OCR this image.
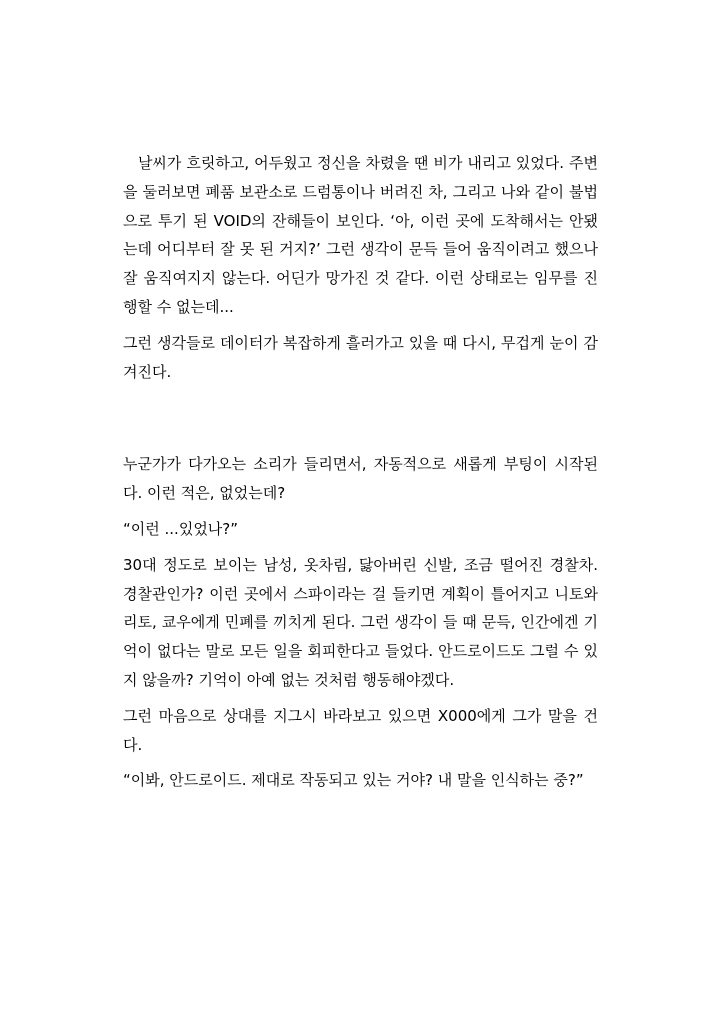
날씨가 흐릿하고, 어두웠고 정신을 차렸을 땐 비가 내리고 있었다. 주변을 둘러보면 폐품 보관소로 드럼통이나 버려진 차, 그리고 나와 같이 불법으로 투기 된 VOID의 잔해들이 보인다. ‘아, 이런 곳에 도착해서는 안됐는데 어디부터 잘 못 된 거지?’ 그런 생각이 문득 들어 움직이려고 했으나 잘 움직여지지 않는다. 어딘가 망가진 것 같다. 이런 상태로는 임무를 진행할 수 없는데...

그런 생각들로 데이터가 복잡하게 흘러가고 있을 때 다시, 무겁게 눈이 감겨진다.

누군가가 다가오는 소리가 들리면서, 자동적으로 새롭게 부팅이 시작된다. 이런 적은, 없었는데?

“이런 ...있었나?”

30대 정도로 보이는 남성, 옷차림, 닳아버린 신발, 조금 떨어진 경찰차. 경찰관인가? 이런 곳에서 스파이라는 걸 들키면 계획이 틀어지고 니토와 리토, 쿄우에게 민폐를 끼치게 된다. 그런 생각이 들 때 문득, 인간에겐 기억이 없다는 말로 모든 일을 회피한다고 들었다. 안드로이드도 그럴 수 있지 않을까? 기억이 아예 없는 것처럼 행동해야겠다.

그런 마음으로 상대를 지그시 바라보고 있으면 X000에게 그가 말을 건다.

“이봐, 안드로이드. 제대로 작동되고 있는 거야? 내 말을 인식하는 중?”
